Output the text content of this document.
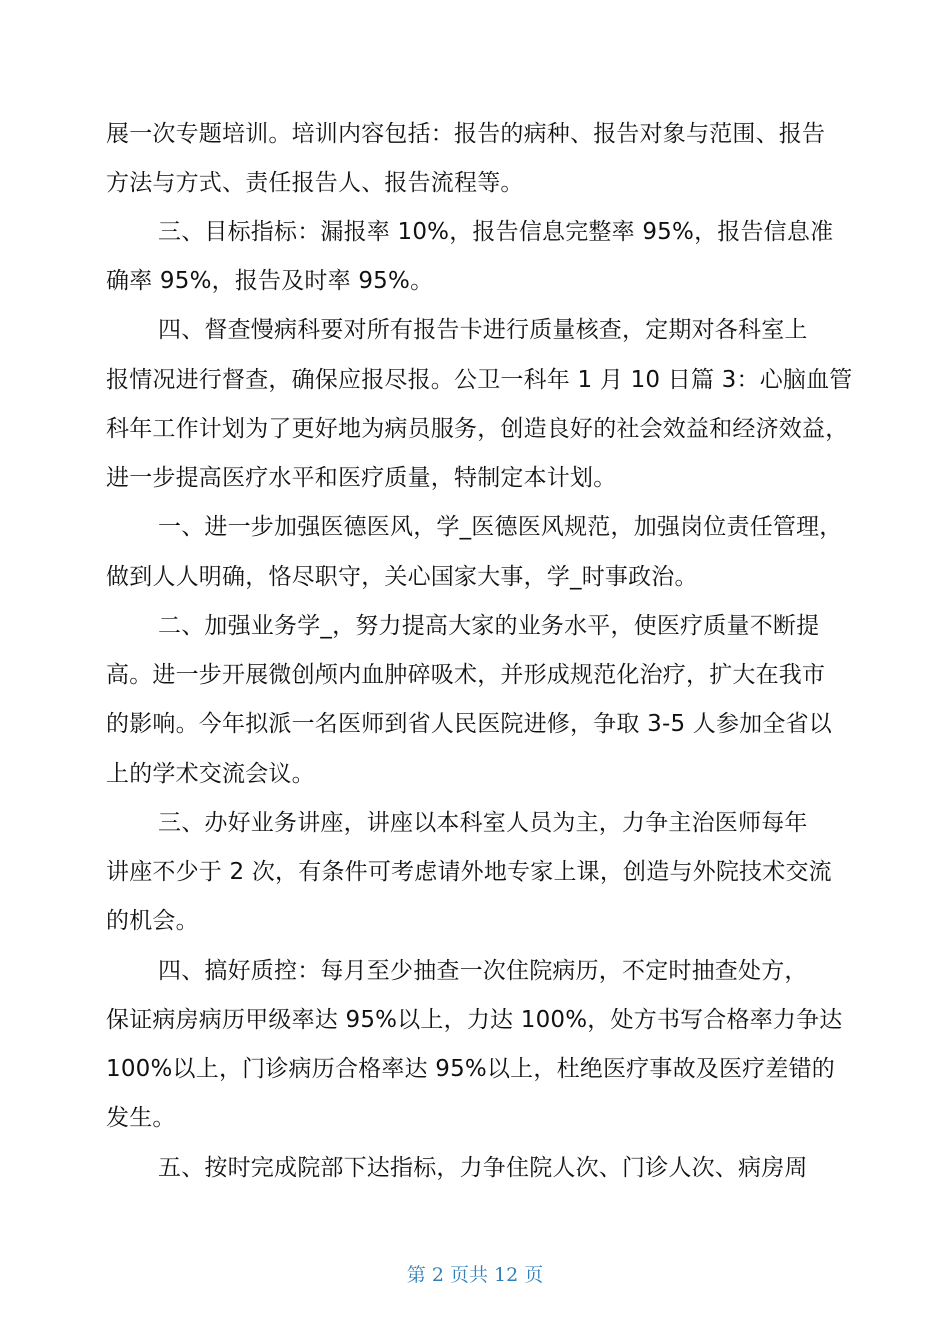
展一次专题培训。培训内容包括：报告的病种、报告对象与范围、报告
方法与方式、责任报告人、报告流程等。
三、目标指标：漏报率 10%，报告信息完整率 95%，报告信息准
确率 95%，报告及时率 95%。
四、督查慢病科要对所有报告卡进行质量核查，定期对各科室上
报情况进行督查，确保应报尽报。公卫一科年 1 月 10 日篇 3：心脑血管
科年工作计划为了更好地为病员服务，创造良好的社会效益和经济效益，
进一步提高医疗水平和医疗质量，特制定本计划。
一、进一步加强医德医风，学_医德医风规范，加强岗位责任管理，
做到人人明确，恪尽职守，关心国家大事，学_时事政治。
二、加强业务学_，努力提高大家的业务水平，使医疗质量不断提
高。进一步开展微创颅内血肿碎吸术，并形成规范化治疗，扩大在我市
的影响。今年拟派一名医师到省人民医院进修，争取 3-5 人参加全省以
上的学术交流会议。
三、办好业务讲座，讲座以本科室人员为主，力争主治医师每年
讲座不少于 2 次，有条件可考虑请外地专家上课，创造与外院技术交流
的机会。
四、搞好质控：每月至少抽查一次住院病历，不定时抽查处方，
保证病房病历甲级率达 95%以上，力达 100%，处方书写合格率力争达
100%以上，门诊病历合格率达 95%以上，杜绝医疗事故及医疗差错的
发生。
五、按时完成院部下达指标，力争住院人次、门诊人次、病房周
第 2 页共 12 页
